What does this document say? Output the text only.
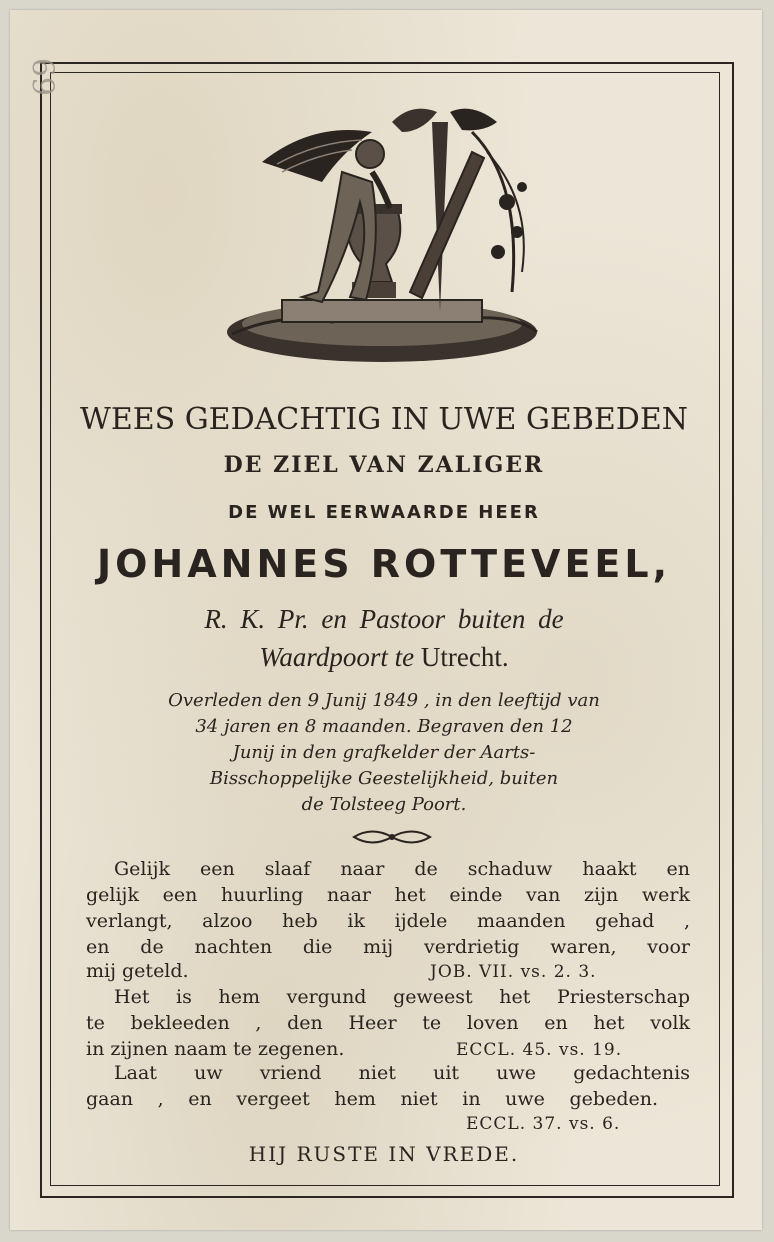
69
WEES GEDACHTIG IN UWE GEBEDEN
DE ZIEL VAN ZALIGER
DE WEL EERWAARDE HEER
JOHANNES ROTTEVEEL,
R. K. Pr. en Pastoor buiten de
Waardpoort te Utrecht.
Overleden den 9 Junij 1849 , in den leeftijd van
34 jaren en 8 maanden. Begraven den 12
Junij in den grafkelder der Aarts-
Bisschoppelijke Geestelijkheid, buiten
de Tolsteeg Poort.
Gelijk een slaaf naar de schaduw haakt en
gelijk een huurling naar het einde van zijn werk
verlangt, alzoo heb ik ijdele maanden gehad ,
en de nachten die mij verdrietig waren, voor
mij geteld.	JOB. VII. vs. 2. 3.
Het is hem vergund geweest het Priesterschap
te bekleeden , den Heer te loven en het volk
in zijnen naam te zegenen.	ECCL. 45. vs. 19.
Laat uw vriend niet uit uwe gedachtenis
gaan , en vergeet hem niet in uwe gebeden.
ECCL. 37. vs. 6.
HIJ RUSTE IN VREDE.
